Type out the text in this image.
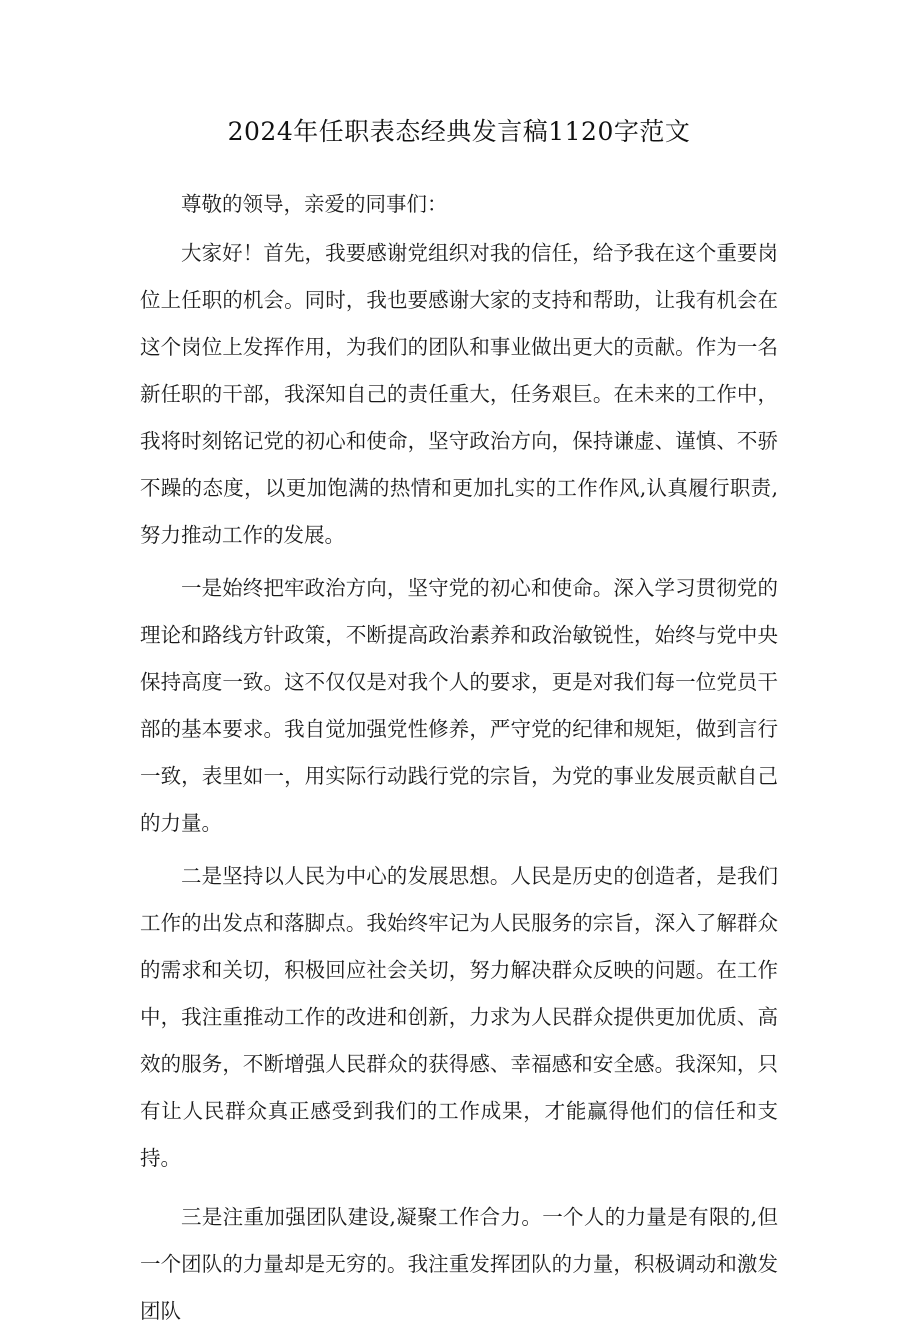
2024年任职表态经典发言稿1120字范文

尊敬的领导，亲爱的同事们：

大家好！首先，我要感谢党组织对我的信任，给予我在这个重要岗位上任职的机会。同时，我也要感谢大家的支持和帮助，让我有机会在这个岗位上发挥作用，为我们的团队和事业做出更大的贡献。作为一名新任职的干部，我深知自己的责任重大，任务艰巨。在未来的工作中，我将时刻铭记党的初心和使命，坚守政治方向，保持谦虚、谨慎、不骄不躁的态度，以更加饱满的热情和更加扎实的工作作风,认真履行职责,努力推动工作的发展。

一是始终把牢政治方向，坚守党的初心和使命。深入学习贯彻党的理论和路线方针政策，不断提高政治素养和政治敏锐性，始终与党中央保持高度一致。这不仅仅是对我个人的要求，更是对我们每一位党员干部的基本要求。我自觉加强党性修养，严守党的纪律和规矩，做到言行一致，表里如一，用实际行动践行党的宗旨，为党的事业发展贡献自己的力量。

二是坚持以人民为中心的发展思想。人民是历史的创造者，是我们工作的出发点和落脚点。我始终牢记为人民服务的宗旨，深入了解群众的需求和关切，积极回应社会关切，努力解决群众反映的问题。在工作中，我注重推动工作的改进和创新，力求为人民群众提供更加优质、高效的服务，不断增强人民群众的获得感、幸福感和安全感。我深知，只有让人民群众真正感受到我们的工作成果，才能赢得他们的信任和支持。

三是注重加强团队建设,凝聚工作合力。一个人的力量是有限的,但一个团队的力量却是无穷的。我注重发挥团队的力量，积极调动和激发团队
